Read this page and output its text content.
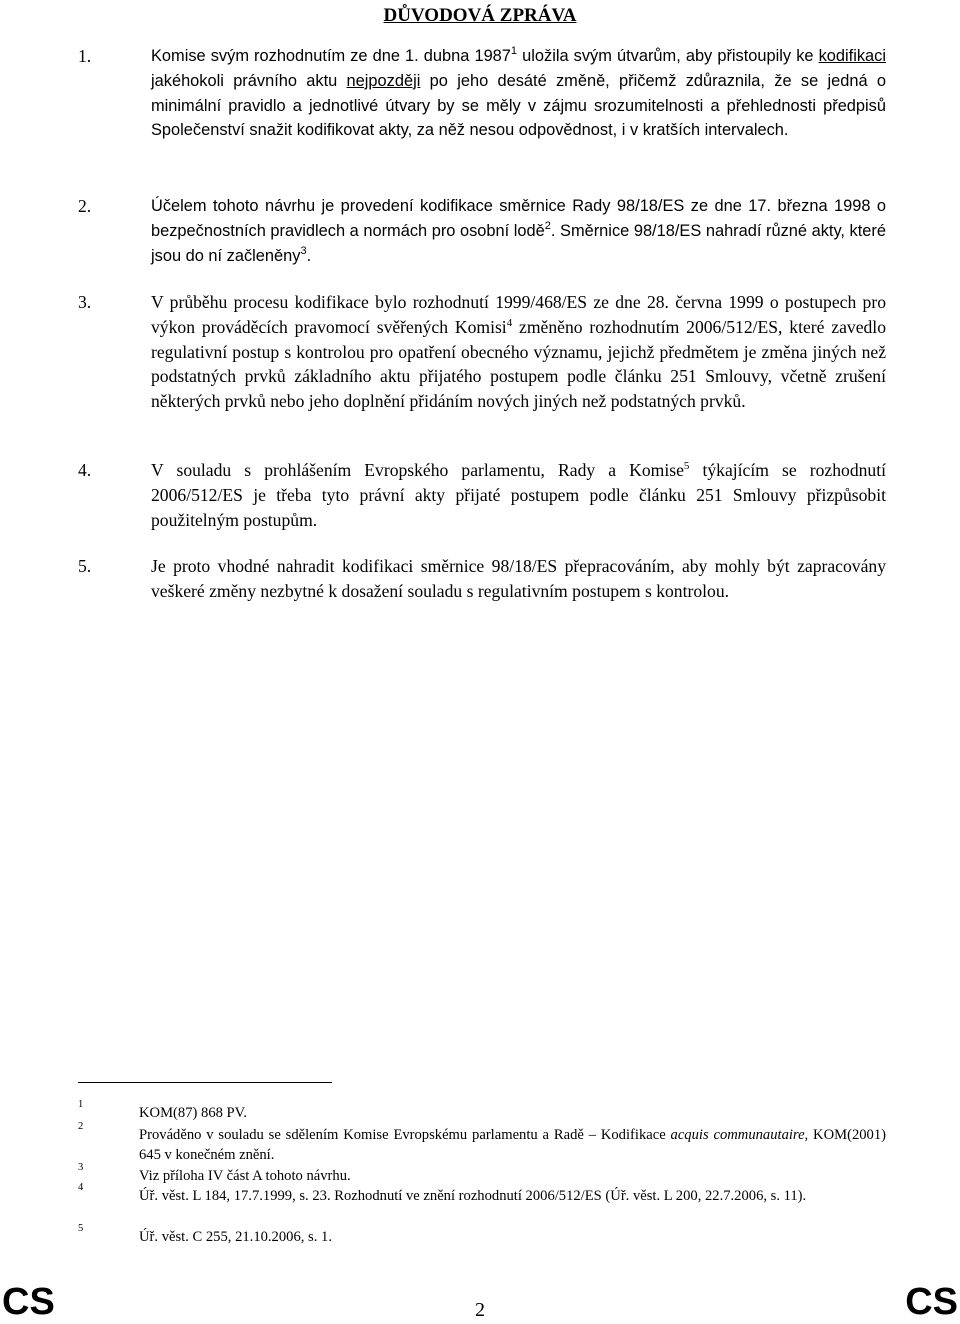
DŮVODOVÁ ZPRÁVA
1.	Komise svým rozhodnutím ze dne 1. dubna 1987$^1$ uložila svým útvarům, aby přistoupily ke kodifikaci jakéhokoli právního aktu nejpozději po jeho desáté změně, přičemž zdůraznila, že se jedná o minimální pravidlo a jednotlivé útvary by se měly v zájmu srozumitelnosti a přehlednosti předpisů Společenství snažit kodifikovat akty, za něž nesou odpovědnost, i v kratších intervalech.
2.	Účelem tohoto návrhu je provedení kodifikace směrnice Rady 98/18/ES ze dne 17. března 1998 o bezpečnostních pravidlech a normách pro osobní lodě$^2$. Směrnice 98/18/ES nahradí různé akty, které jsou do ní začleněny$^3$.
3.	V průběhu procesu kodifikace bylo rozhodnutí 1999/468/ES ze dne 28. června 1999 o postupech pro výkon prováděcích pravomocí svěřených Komisi$^4$ změněno rozhodnutím 2006/512/ES, které zavedlo regulativní postup s kontrolou pro opatření obecného významu, jejichž předmětem je změna jiných než podstatných prvků základního aktu přijatého postupem podle článku 251 Smlouvy, včetně zrušení některých prvků nebo jeho doplnění přidáním nových jiných než podstatných prvků.
4.	V souladu s prohlášením Evropského parlamentu, Rady a Komise$^5$ týkajícím se rozhodnutí 2006/512/ES je třeba tyto právní akty přijaté postupem podle článku 251 Smlouvy přizpůsobit použitelným postupům.
5.	Je proto vhodné nahradit kodifikaci směrnice 98/18/ES přepracováním, aby mohly být zapracovány veškeré změny nezbytné k dosažení souladu s regulativním postupem s kontrolou.
1
KOM(87) 868 PV.
2
Prováděno v souladu se sdělením Komise Evropskému parlamentu a Radě – Kodifikace acquis communautaire, KOM(2001) 645 v konečném znění.
3
Viz příloha IV část A tohoto návrhu.
4
Úř. věst. L 184, 17.7.1999, s. 23. Rozhodnutí ve znění rozhodnutí 2006/512/ES (Úř. věst. L 200, 22.7.2006, s. 11).
5
Úř. věst. C 255, 21.10.2006, s. 1.
CS	2	CS
